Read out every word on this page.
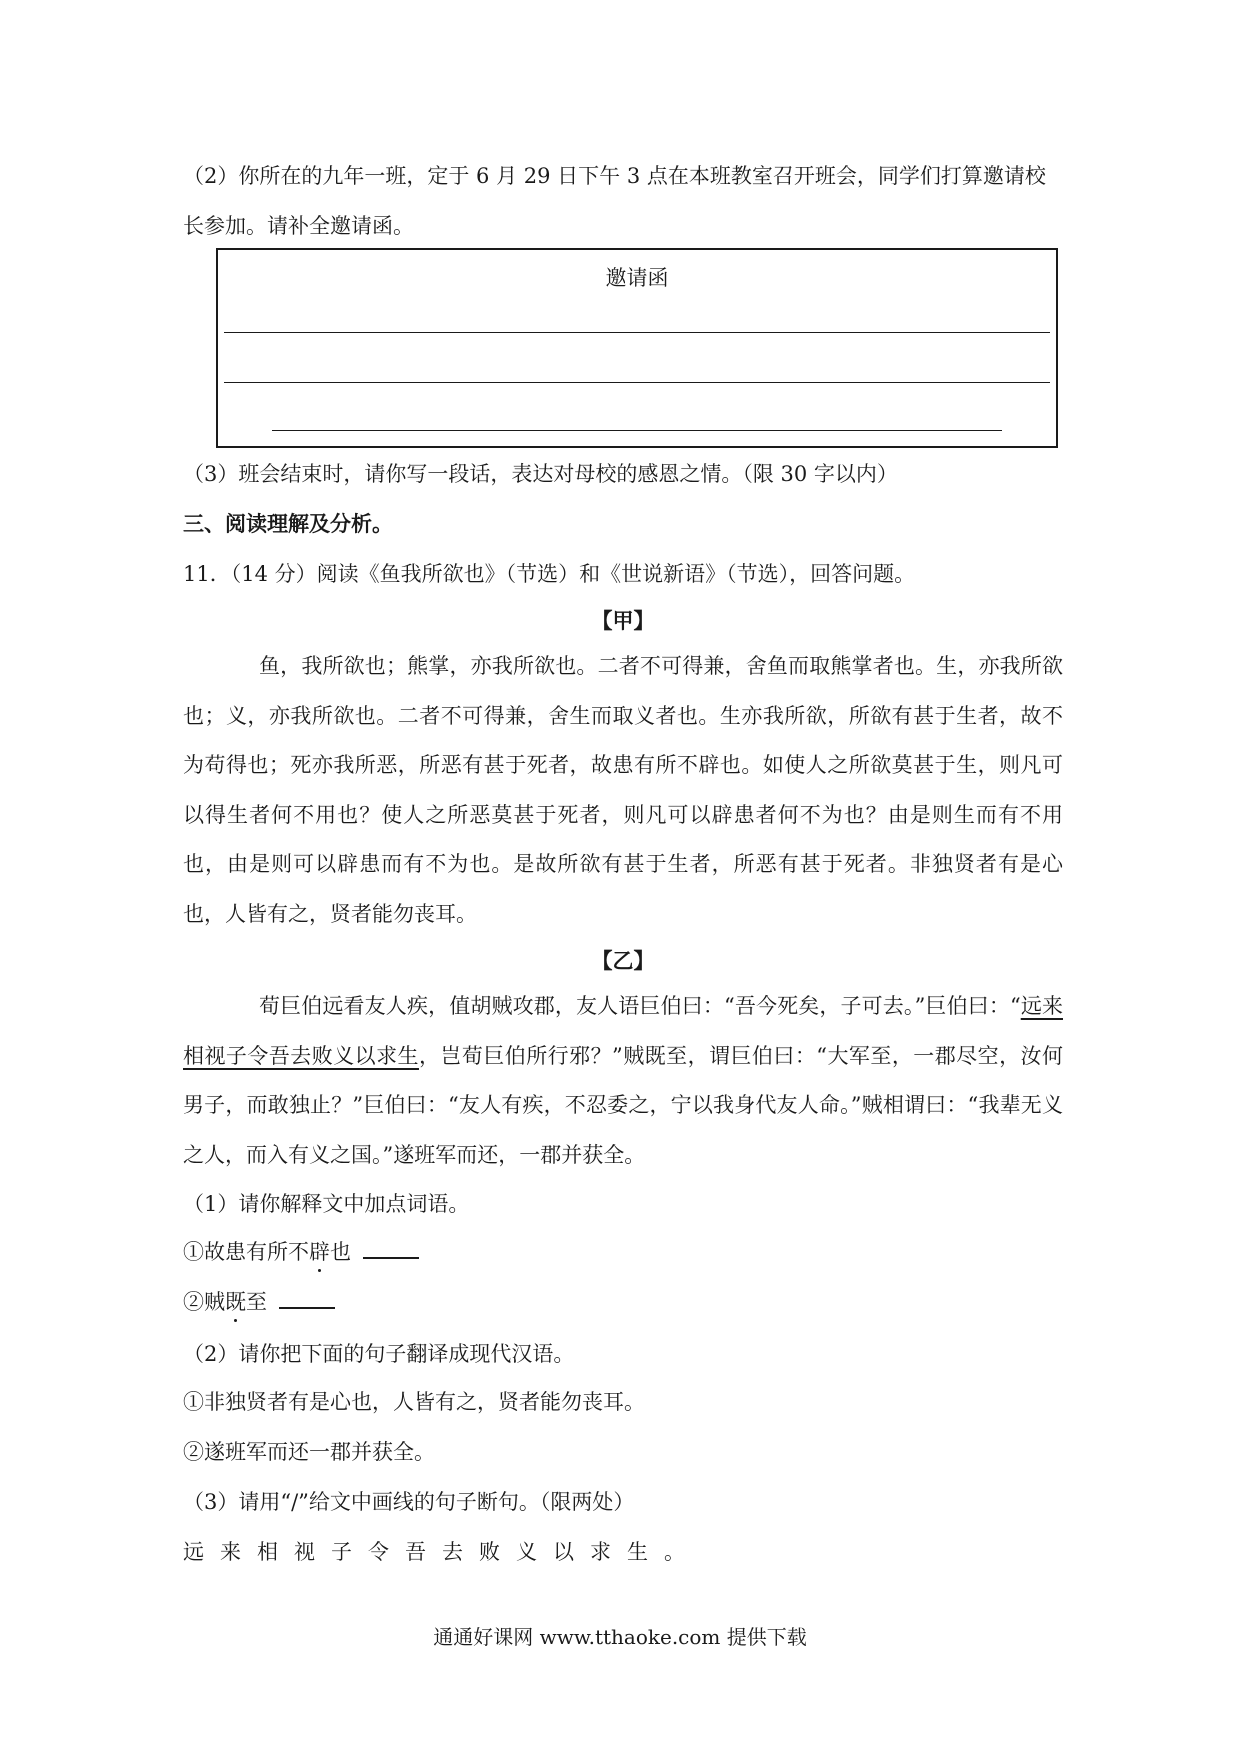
（2）你所在的九年一班，定于 6 月 29 日下午 3 点在本班教室召开班会，同学们打算邀请校
长参加。请补全邀请函。
邀请函
（3）班会结束时，请你写一段话，表达对母校的感恩之情。（限 30 字以内）
三、阅读理解及分析。
11．（14 分）阅读《鱼我所欲也》（节选）和《世说新语》（节选），回答问题。
【甲】
鱼，我所欲也；熊掌，亦我所欲也。二者不可得兼，舍鱼而取熊掌者也。生，亦我所欲也；义，亦我所欲也。二者不可得兼，舍生而取义者也。生亦我所欲，所欲有甚于生者，故不为苟得也；死亦我所恶，所恶有甚于死者，故患有所不辟也。如使人之所欲莫甚于生，则凡可以得生者何不用也？使人之所恶莫甚于死者，则凡可以辟患者何不为也？由是则生而有不用也，由是则可以辟患而有不为也。是故所欲有甚于生者，所恶有甚于死者。非独贤者有是心也，人皆有之，贤者能勿丧耳。
【乙】
荀巨伯远看友人疾，值胡贼攻郡，友人语巨伯曰：“吾今死矣，子可去。”巨伯曰：“远来相视子令吾去败义以求生，岂荀巨伯所行邪？”贼既至，谓巨伯曰：“大军至，一郡尽空，汝何男子，而敢独止？”巨伯曰：“友人有疾，不忍委之，宁以我身代友人命。”贼相谓曰：“我辈无义之人，而入有义之国。”遂班军而还，一郡并获全。
（1）请你解释文中加点词语。
①故患有所不辟也
②贼既至
（2）请你把下面的句子翻译成现代汉语。
①非独贤者有是心也，人皆有之，贤者能勿丧耳。
②遂班军而还一郡并获全。
（3）请用“/”给文中画线的句子断句。（限两处）
远来相视子令吾去败义以求生。
通通好课网 www.tthaoke.com 提供下载
